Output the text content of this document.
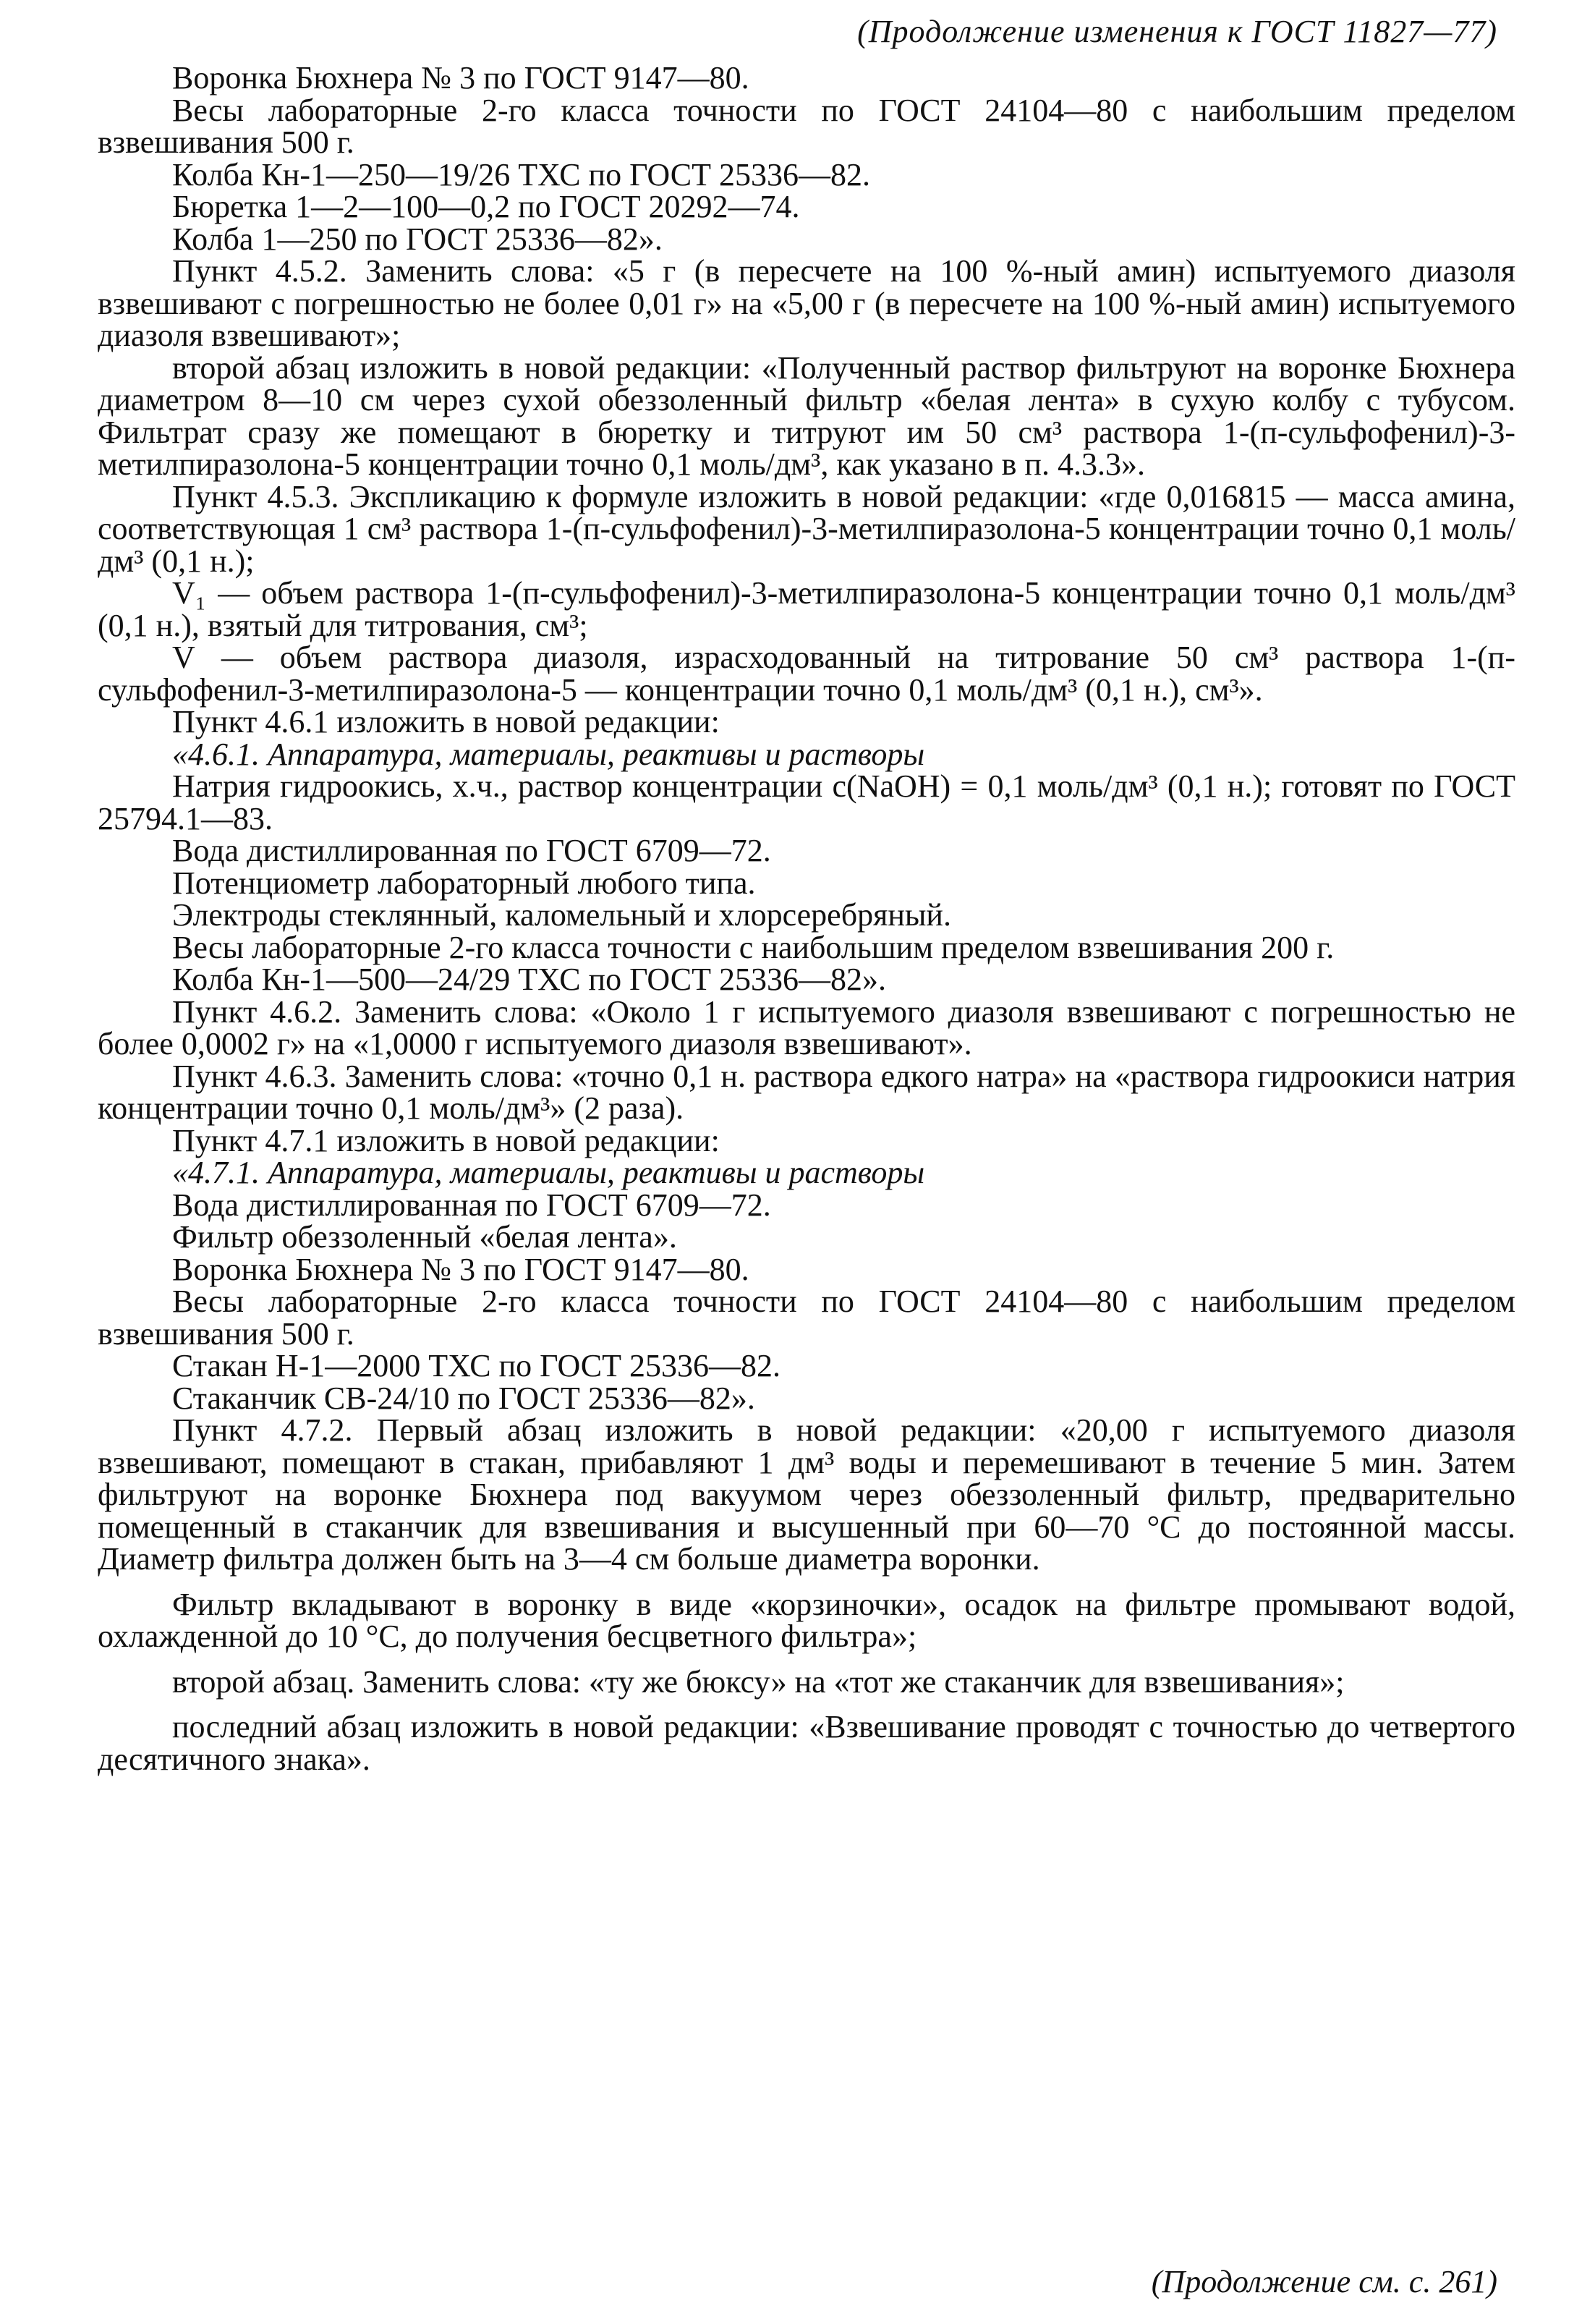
(Продолжение изменения к ГОСТ 11827—77)

Воронка Бюхнера № 3 по ГОСТ 9147—80.

Весы лабораторные 2-го класса точности по ГОСТ 24104—80 с наибольшим пределом взвешивания 500 г.

Колба Кн-1—250—19/26 ТХС по ГОСТ 25336—82.

Бюретка 1—2—100—0,2 по ГОСТ 20292—74.

Колба 1—250 по ГОСТ 25336—82».

Пункт 4.5.2. Заменить слова: «5 г (в пересчете на 100 %-ный амин) испытуемого диазоля взвешивают с погрешностью не более 0,01 г» на «5,00 г (в пересчете на 100 %-ный амин) испытуемого диазоля взвешивают»;

второй абзац изложить в новой редакции: «Полученный раствор фильтруют на воронке Бюхнера диаметром 8—10 см через сухой обеззоленный фильтр «белая лента» в сухую колбу с тубусом. Фильтрат сразу же помещают в бюретку и титруют им 50 см³ раствора 1-(п-сульфофенил)-3-метилпиразолона-5 концентрации точно 0,1 моль/дм³, как указано в п. 4.3.3».

Пункт 4.5.3. Экспликацию к формуле изложить в новой редакции: «где 0,016815 — масса амина, соответствующая 1 см³ раствора 1-(п-сульфофенил)-3-метилпиразолона-5 концентрации точно 0,1 моль/дм³ (0,1 н.);

V₁ — объем раствора 1-(п-сульфофенил)-3-метилпиразолона-5 концентрации точно 0,1 моль/дм³ (0,1 н.), взятый для титрования, см³;

V — объем раствора диазоля, израсходованный на титрование 50 см³ раствора 1-(п-сульфофенил-3-метилпиразолона-5 — концентрации точно 0,1 моль/дм³ (0,1 н.), см³».

Пункт 4.6.1 изложить в новой редакции:

«4.6.1. Аппаратура, материалы, реактивы и растворы

Натрия гидроокись, х.ч., раствор концентрации c(NaOH) = 0,1 моль/дм³ (0,1 н.); готовят по ГОСТ 25794.1—83.

Вода дистиллированная по ГОСТ 6709—72.

Потенциометр лабораторный любого типа.

Электроды стеклянный, каломельный и хлорсеребряный.

Весы лабораторные 2-го класса точности с наибольшим пределом взвешивания 200 г.

Колба Кн-1—500—24/29 ТХС по ГОСТ 25336—82».

Пункт 4.6.2. Заменить слова: «Около 1 г испытуемого диазоля взвешивают с погрешностью не более 0,0002 г» на «1,0000 г испытуемого диазоля взвешивают».

Пункт 4.6.3. Заменить слова: «точно 0,1 н. раствора едкого натра» на «раствора гидроокиси натрия концентрации точно 0,1 моль/дм³» (2 раза).

Пункт 4.7.1 изложить в новой редакции:

«4.7.1. Аппаратура, материалы, реактивы и растворы

Вода дистиллированная по ГОСТ 6709—72.

Фильтр обеззоленный «белая лента».

Воронка Бюхнера № 3 по ГОСТ 9147—80.

Весы лабораторные 2-го класса точности по ГОСТ 24104—80 с наибольшим пределом взвешивания 500 г.

Стакан Н-1—2000 ТХС по ГОСТ 25336—82.

Стаканчик СВ-24/10 по ГОСТ 25336—82».

Пункт 4.7.2. Первый абзац изложить в новой редакции: «20,00 г испытуемого диазоля взвешивают, помещают в стакан, прибавляют 1 дм³ воды и перемешивают в течение 5 мин. Затем фильтруют на воронке Бюхнера под вакуумом через обеззоленный фильтр, предварительно помещенный в стаканчик для взвешивания и высушенный при 60—70 °С до постоянной массы. Диаметр фильтра должен быть на 3—4 см больше диаметра воронки.

Фильтр вкладывают в воронку в виде «корзиночки», осадок на фильтре промывают водой, охлажденной до 10 °С, до получения бесцветного фильтра»;

второй абзац. Заменить слова: «ту же бюксу» на «тот же стаканчик для взвешивания»;

последний абзац изложить в новой редакции: «Взвешивание проводят с точностью до четвертого десятичного знака».

(Продолжение см. с. 261)
